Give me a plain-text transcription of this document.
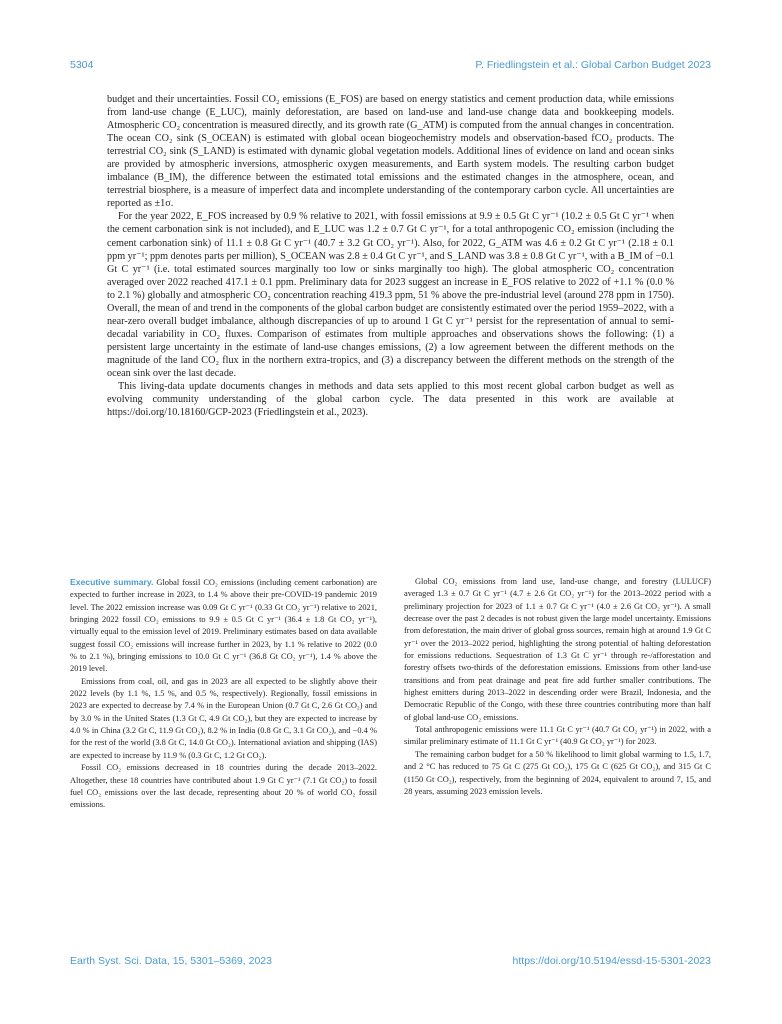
5304	P. Friedlingstein et al.: Global Carbon Budget 2023

budget and their uncertainties. Fossil CO₂ emissions (E_FOS) are based on energy statistics and cement production data, while emissions from land-use change (E_LUC), mainly deforestation, are based on land-use and land-use change data and bookkeeping models. Atmospheric CO₂ concentration is measured directly, and its growth rate (G_ATM) is computed from the annual changes in concentration. The ocean CO₂ sink (S_OCEAN) is estimated with global ocean biogeochemistry models and observation-based fCO₂ products. The terrestrial CO₂ sink (S_LAND) is estimated with dynamic global vegetation models. Additional lines of evidence on land and ocean sinks are provided by atmospheric inversions, atmospheric oxygen measurements, and Earth system models. The resulting carbon budget imbalance (B_IM), the difference between the estimated total emissions and the estimated changes in the atmosphere, ocean, and terrestrial biosphere, is a measure of imperfect data and incomplete understanding of the contemporary carbon cycle. All uncertainties are reported as ±1σ.

For the year 2022, E_FOS increased by 0.9 % relative to 2021, with fossil emissions at 9.9 ± 0.5 Gt C yr⁻¹ (10.2 ± 0.5 Gt C yr⁻¹ when the cement carbonation sink is not included), and E_LUC was 1.2 ± 0.7 Gt C yr⁻¹, for a total anthropogenic CO₂ emission (including the cement carbonation sink) of 11.1 ± 0.8 Gt C yr⁻¹ (40.7 ± 3.2 Gt CO₂ yr⁻¹). Also, for 2022, G_ATM was 4.6 ± 0.2 Gt C yr⁻¹ (2.18 ± 0.1 ppm yr⁻¹; ppm denotes parts per million), S_OCEAN was 2.8 ± 0.4 Gt C yr⁻¹, and S_LAND was 3.8 ± 0.8 Gt C yr⁻¹, with a B_IM of −0.1 Gt C yr⁻¹ (i.e. total estimated sources marginally too low or sinks marginally too high). The global atmospheric CO₂ concentration averaged over 2022 reached 417.1 ± 0.1 ppm. Preliminary data for 2023 suggest an increase in E_FOS relative to 2022 of +1.1 % (0.0 % to 2.1 %) globally and atmospheric CO₂ concentration reaching 419.3 ppm, 51 % above the pre-industrial level (around 278 ppm in 1750). Overall, the mean of and trend in the components of the global carbon budget are consistently estimated over the period 1959–2022, with a near-zero overall budget imbalance, although discrepancies of up to around 1 Gt C yr⁻¹ persist for the representation of annual to semi-decadal variability in CO₂ fluxes. Comparison of estimates from multiple approaches and observations shows the following: (1) a persistent large uncertainty in the estimate of land-use changes emissions, (2) a low agreement between the different methods on the magnitude of the land CO₂ flux in the northern extra-tropics, and (3) a discrepancy between the different methods on the strength of the ocean sink over the last decade.

This living-data update documents changes in methods and data sets applied to this most recent global carbon budget as well as evolving community understanding of the global carbon cycle. The data presented in this work are available at https://doi.org/10.18160/GCP-2023 (Friedlingstein et al., 2023).

Executive summary. Global fossil CO₂ emissions (including cement carbonation) are expected to further increase in 2023, to 1.4 % above their pre-COVID-19 pandemic 2019 level. The 2022 emission increase was 0.09 Gt C yr⁻¹ (0.33 Gt CO₂ yr⁻¹) relative to 2021, bringing 2022 fossil CO₂ emissions to 9.9 ± 0.5 Gt C yr⁻¹ (36.4 ± 1.8 Gt CO₂ yr⁻¹), virtually equal to the emission level of 2019. Preliminary estimates based on data available suggest fossil CO₂ emissions will increase further in 2023, by 1.1 % relative to 2022 (0.0 % to 2.1 %), bringing emissions to 10.0 Gt C yr⁻¹ (36.8 Gt CO₂ yr⁻¹), 1.4 % above the 2019 level.

Emissions from coal, oil, and gas in 2023 are all expected to be slightly above their 2022 levels (by 1.1 %, 1.5 %, and 0.5 %, respectively). Regionally, fossil emissions in 2023 are expected to decrease by 7.4 % in the European Union (0.7 Gt C, 2.6 Gt CO₂) and by 3.0 % in the United States (1.3 Gt C, 4.9 Gt CO₂), but they are expected to increase by 4.0 % in China (3.2 Gt C, 11.9 Gt CO₂), 8.2 % in India (0.8 Gt C, 3.1 Gt CO₂), and −0.4 % for the rest of the world (3.8 Gt C, 14.0 Gt CO₂). International aviation and shipping (IAS) are expected to increase by 11.9 % (0.3 Gt C, 1.2 Gt CO₂).

Fossil CO₂ emissions decreased in 18 countries during the decade 2013–2022. Altogether, these 18 countries have contributed about 1.9 Gt C yr⁻¹ (7.1 Gt CO₂) to fossil fuel CO₂ emissions over the last decade, representing about 20 % of world CO₂ fossil emissions.

Global CO₂ emissions from land use, land-use change, and forestry (LULUCF) averaged 1.3 ± 0.7 Gt C yr⁻¹ (4.7 ± 2.6 Gt CO₂ yr⁻¹) for the 2013–2022 period with a preliminary projection for 2023 of 1.1 ± 0.7 Gt C yr⁻¹ (4.0 ± 2.6 Gt CO₂ yr⁻¹). A small decrease over the past 2 decades is not robust given the large model uncertainty. Emissions from deforestation, the main driver of global gross sources, remain high at around 1.9 Gt C yr⁻¹ over the 2013–2022 period, highlighting the strong potential of halting deforestation for emissions reductions. Sequestration of 1.3 Gt C yr⁻¹ through re-/afforestation and forestry offsets two-thirds of the deforestation emissions. Emissions from other land-use transitions and from peat drainage and peat fire add further smaller contributions. The highest emitters during 2013–2022 in descending order were Brazil, Indonesia, and the Democratic Republic of the Congo, with these three countries contributing more than half of global land-use CO₂ emissions.

Total anthropogenic emissions were 11.1 Gt C yr⁻¹ (40.7 Gt CO₂ yr⁻¹) in 2022, with a similar preliminary estimate of 11.1 Gt C yr⁻¹ (40.9 Gt CO₂ yr⁻¹) for 2023.

The remaining carbon budget for a 50 % likelihood to limit global warming to 1.5, 1.7, and 2 °C has reduced to 75 Gt C (275 Gt CO₂), 175 Gt C (625 Gt CO₂), and 315 Gt C (1150 Gt CO₂), respectively, from the beginning of 2024, equivalent to around 7, 15, and 28 years, assuming 2023 emission levels.

Earth Syst. Sci. Data, 15, 5301–5369, 2023	https://doi.org/10.5194/essd-15-5301-2023
